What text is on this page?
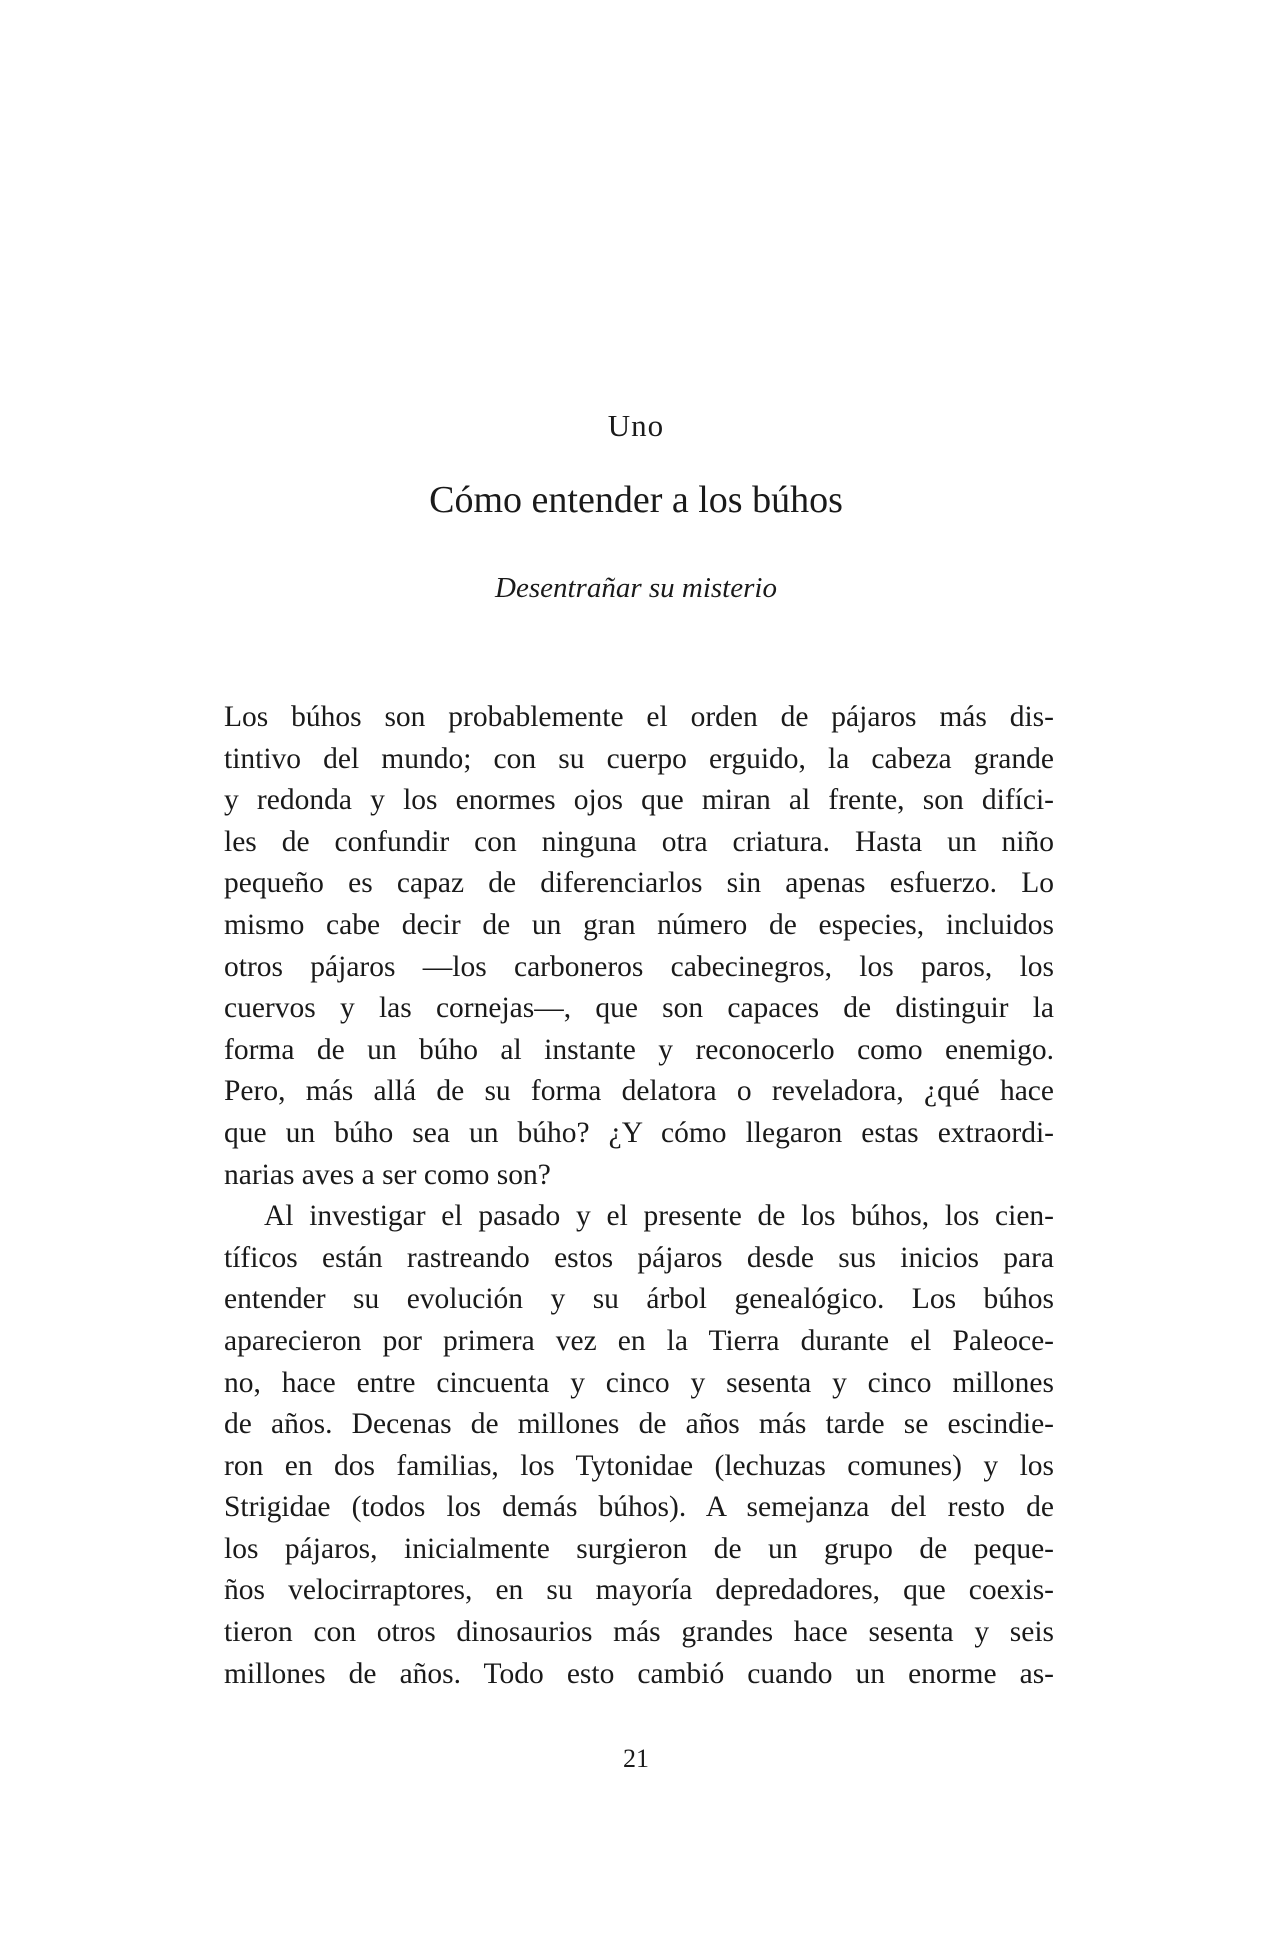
Uno
Cómo entender a los búhos
Desentrañar su misterio
Los búhos son probablemente el orden de pájaros más dis-
tintivo del mundo; con su cuerpo erguido, la cabeza grande
y redonda y los enormes ojos que miran al frente, son difíci-
les de confundir con ninguna otra criatura. Hasta un niño
pequeño es capaz de diferenciarlos sin apenas esfuerzo. Lo
mismo cabe decir de un gran número de especies, incluidos
otros pájaros —los carboneros cabecinegros, los paros, los
cuervos y las cornejas—, que son capaces de distinguir la
forma de un búho al instante y reconocerlo como enemigo.
Pero, más allá de su forma delatora o reveladora, ¿qué hace
que un búho sea un búho? ¿Y cómo llegaron estas extraordi-
narias aves a ser como son?
Al investigar el pasado y el presente de los búhos, los cien-
tíficos están rastreando estos pájaros desde sus inicios para
entender su evolución y su árbol genealógico. Los búhos
aparecieron por primera vez en la Tierra durante el Paleoce-
no, hace entre cincuenta y cinco y sesenta y cinco millones
de años. Decenas de millones de años más tarde se escindie-
ron en dos familias, los Tytonidae (lechuzas comunes) y los
Strigidae (todos los demás búhos). A semejanza del resto de
los pájaros, inicialmente surgieron de un grupo de peque-
ños velocirraptores, en su mayoría depredadores, que coexis-
tieron con otros dinosaurios más grandes hace sesenta y seis
millones de años. Todo esto cambió cuando un enorme as-
21
